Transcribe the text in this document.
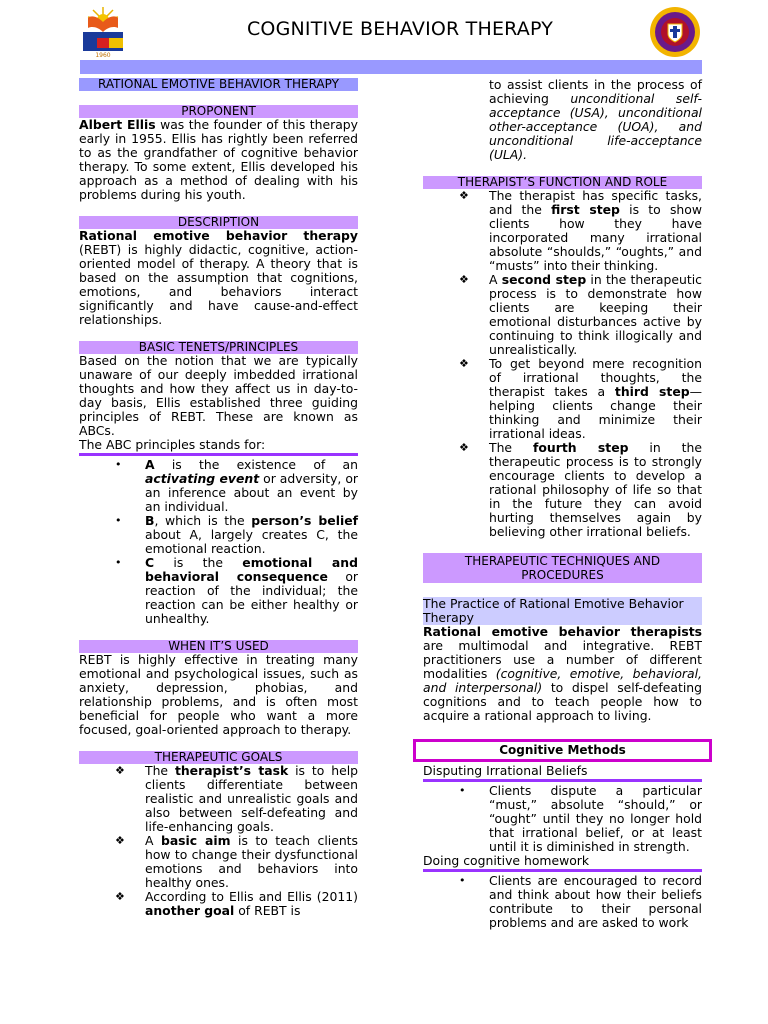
1960
COGNITIVE BEHAVIOR THERAPY
RATIONAL EMOTIVE BEHAVIOR THERAPY
PROPONENT
Albert Ellis was the founder of this therapy early in 1955. Ellis has rightly been referred to as the grandfather of cognitive behavior therapy. To some extent, Ellis developed his approach as a method of dealing with his problems during his youth.
DESCRIPTION
Rational emotive behavior therapy (REBT) is highly didactic, cognitive, action-oriented model of therapy. A theory that is based on the assumption that cognitions, emotions, and behaviors interact significantly and have cause-and-effect relationships.
BASIC TENETS/PRINCIPLES
Based on the notion that we are typically unaware of our deeply imbedded irrational thoughts and how they affect us in day-to-day basis, Ellis established three guiding principles of REBT. These are known as ABCs.
The ABC principles stands for:
• A is the existence of an activating event or adversity, or an inference about an event by an individual.
• B, which is the person’s belief about A, largely creates C, the emotional reaction.
• C is the emotional and behavioral consequence or reaction of the individual; the reaction can be either healthy or unhealthy.
WHEN IT’S USED
REBT is highly effective in treating many emotional and psychological issues, such as anxiety, depression, phobias, and relationship problems, and is often most beneficial for people who want a more focused, goal-oriented approach to therapy.
THERAPEUTIC GOALS
❖ The therapist’s task is to help clients differentiate between realistic and unrealistic goals and also between self-defeating and life-enhancing goals.
❖ A basic aim is to teach clients how to change their dysfunctional emotions and behaviors into healthy ones.
❖ According to Ellis and Ellis (2011) another goal of REBT is
to assist clients in the process of achieving unconditional self-acceptance (USA), unconditional other-acceptance (UOA), and unconditional life-acceptance (ULA).
THERAPIST’S FUNCTION AND ROLE
❖ The therapist has specific tasks, and the first step is to show clients how they have incorporated many irrational absolute “shoulds,” “oughts,” and “musts” into their thinking.
❖ A second step in the therapeutic process is to demonstrate how clients are keeping their emotional disturbances active by continuing to think illogically and unrealistically.
❖ To get beyond mere recognition of irrational thoughts, the therapist takes a third step—helping clients change their thinking and minimize their irrational ideas.
❖ The fourth step in the therapeutic process is to strongly encourage clients to develop a rational philosophy of life so that in the future they can avoid hurting themselves again by believing other irrational beliefs.
THERAPEUTIC TECHNIQUES AND PROCEDURES
The Practice of Rational Emotive Behavior Therapy
Rational emotive behavior therapists are multimodal and integrative. REBT practitioners use a number of different modalities (cognitive, emotive, behavioral, and interpersonal) to dispel self-defeating cognitions and to teach people how to acquire a rational approach to living.
Cognitive Methods
Disputing Irrational Beliefs
• Clients dispute a particular “must,” absolute “should,” or “ought” until they no longer hold that irrational belief, or at least until it is diminished in strength.
Doing cognitive homework
• Clients are encouraged to record and think about how their beliefs contribute to their personal problems and are asked to work
